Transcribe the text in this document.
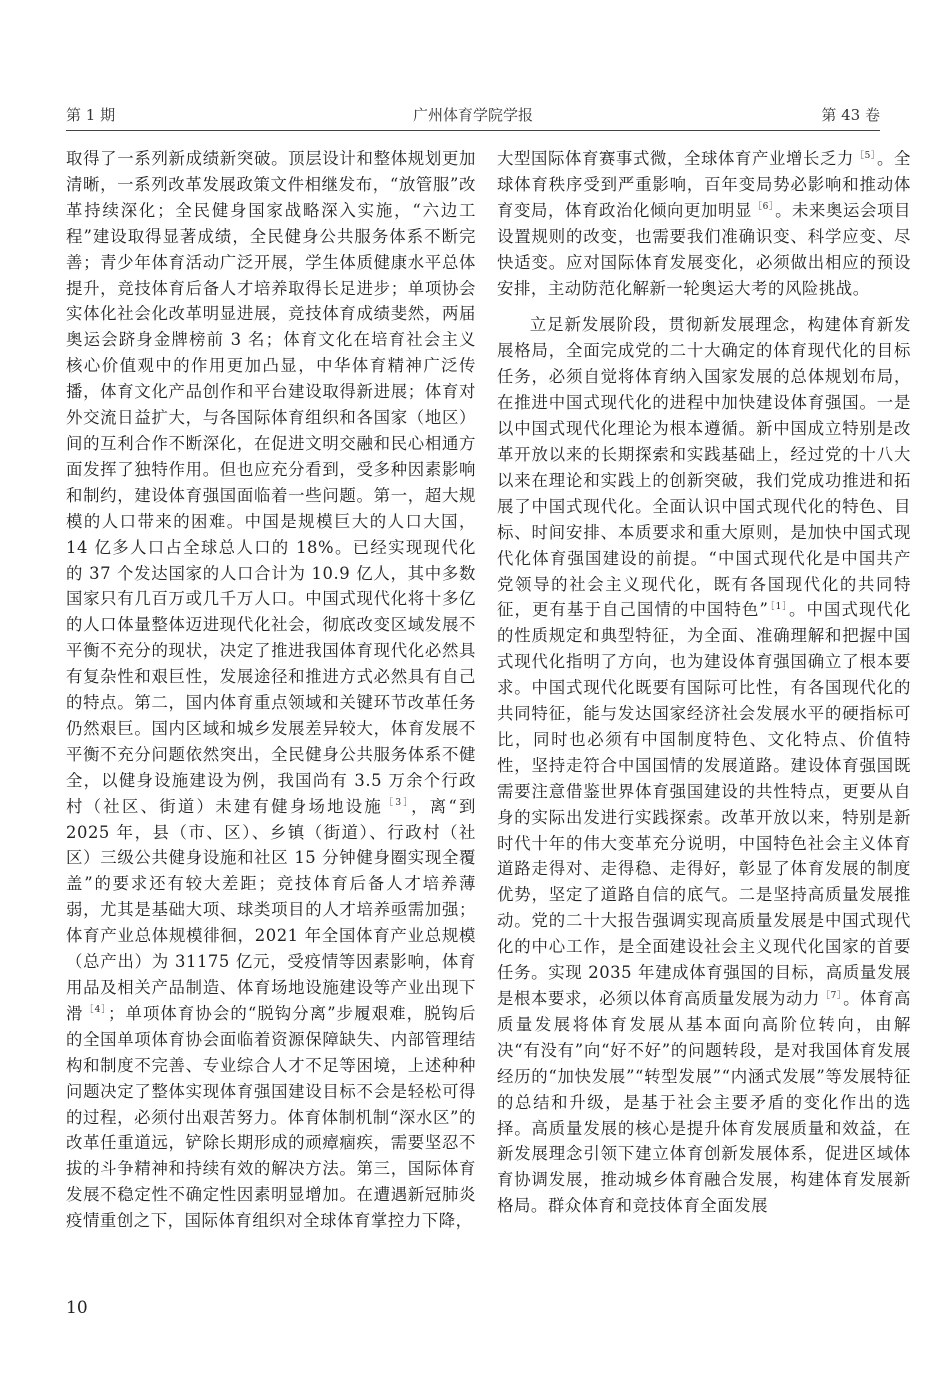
第 1 期	广州体育学院学报	第 43 卷

取得了一系列新成绩新突破。顶层设计和整体规划更加清晰，一系列改革发展政策文件相继发布，“放管服”改革持续深化；全民健身国家战略深入实施，“六边工程”建设取得显著成绩，全民健身公共服务体系不断完善；青少年体育活动广泛开展，学生体质健康水平总体提升，竞技体育后备人才培养取得长足进步；单项协会实体化社会化改革明显进展，竞技体育成绩斐然，两届奥运会跻身金牌榜前 3 名；体育文化在培育社会主义核心价值观中的作用更加凸显，中华体育精神广泛传播，体育文化产品创作和平台建设取得新进展；体育对外交流日益扩大，与各国际体育组织和各国家（地区）间的互利合作不断深化，在促进文明交融和民心相通方面发挥了独特作用。但也应充分看到，受多种因素影响和制约，建设体育强国面临着一些问题。第一，超大规模的人口带来的困难。中国是规模巨大的人口大国，14 亿多人口占全球总人口的 18%。已经实现现代化的 37 个发达国家的人口合计为 10.9 亿人，其中多数国家只有几百万或几千万人口。中国式现代化将十多亿的人口体量整体迈进现代化社会，彻底改变区域发展不平衡不充分的现状，决定了推进我国体育现代化必然具有复杂性和艰巨性，发展途径和推进方式必然具有自己的特点。第二，国内体育重点领域和关键环节改革任务仍然艰巨。国内区域和城乡发展差异较大，体育发展不平衡不充分问题依然突出，全民健身公共服务体系不健全，以健身设施建设为例，我国尚有 3.5 万余个行政村（社区、街道）未建有健身场地设施$^{[3]}$，离“到 2025 年，县（市、区）、乡镇（街道）、行政村（社区）三级公共健身设施和社区 15 分钟健身圈实现全覆盖”的要求还有较大差距；竞技体育后备人才培养薄弱，尤其是基础大项、球类项目的人才培养亟需加强；体育产业总体规模徘徊，2021 年全国体育产业总规模（总产出）为 31175 亿元，受疫情等因素影响，体育用品及相关产品制造、体育场地设施建设等产业出现下滑$^{[4]}$；单项体育协会的“脱钩分离”步履艰难，脱钩后的全国单项体育协会面临着资源保障缺失、内部管理结构和制度不完善、专业综合人才不足等困境，上述种种问题决定了整体实现体育强国建设目标不会是轻松可得的过程，必须付出艰苦努力。体育体制机制“深水区”的改革任重道远，铲除长期形成的顽瘴痼疾，需要坚忍不拔的斗争精神和持续有效的解决方法。第三，国际体育发展不稳定性不确定性因素明显增加。在遭遇新冠肺炎疫情重创之下，国际体育组织对全球体育掌控力下降，

大型国际体育赛事式微，全球体育产业增长乏力$^{[5]}$。全球体育秩序受到严重影响，百年变局势必影响和推动体育变局，体育政治化倾向更加明显$^{[6]}$。未来奥运会项目设置规则的改变，也需要我们准确识变、科学应变、尽快适变。应对国际体育发展变化，必须做出相应的预设安排，主动防范化解新一轮奥运大考的风险挑战。

立足新发展阶段，贯彻新发展理念，构建体育新发展格局，全面完成党的二十大确定的体育现代化的目标任务，必须自觉将体育纳入国家发展的总体规划布局，在推进中国式现代化的进程中加快建设体育强国。一是以中国式现代化理论为根本遵循。新中国成立特别是改革开放以来的长期探索和实践基础上，经过党的十八大以来在理论和实践上的创新突破，我们党成功推进和拓展了中国式现代化。全面认识中国式现代化的特色、目标、时间安排、本质要求和重大原则，是加快中国式现代化体育强国建设的前提。“中国式现代化是中国共产党领导的社会主义现代化，既有各国现代化的共同特征，更有基于自己国情的中国特色”$^{[1]}$。中国式现代化的性质规定和典型特征，为全面、准确理解和把握中国式现代化指明了方向，也为建设体育强国确立了根本要求。中国式现代化既要有国际可比性，有各国现代化的共同特征，能与发达国家经济社会发展水平的硬指标可比，同时也必须有中国制度特色、文化特点、价值特性，坚持走符合中国国情的发展道路。建设体育强国既需要注意借鉴世界体育强国建设的共性特点，更要从自身的实际出发进行实践探索。改革开放以来，特别是新时代十年的伟大变革充分说明，中国特色社会主义体育道路走得对、走得稳、走得好，彰显了体育发展的制度优势，坚定了道路自信的底气。二是坚持高质量发展推动。党的二十大报告强调实现高质量发展是中国式现代化的中心工作，是全面建设社会主义现代化国家的首要任务。实现 2035 年建成体育强国的目标，高质量发展是根本要求，必须以体育高质量发展为动力$^{[7]}$。体育高质量发展将体育发展从基本面向高阶位转向，由解决“有没有”向“好不好”的问题转段，是对我国体育发展经历的“加快发展”“转型发展”“内涵式发展”等发展特征的总结和升级，是基于社会主要矛盾的变化作出的选择。高质量发展的核心是提升体育发展质量和效益，在新发展理念引领下建立体育创新发展体系，促进区域体育协调发展，推动城乡体育融合发展，构建体育发展新格局。群众体育和竞技体育全面发展

10
